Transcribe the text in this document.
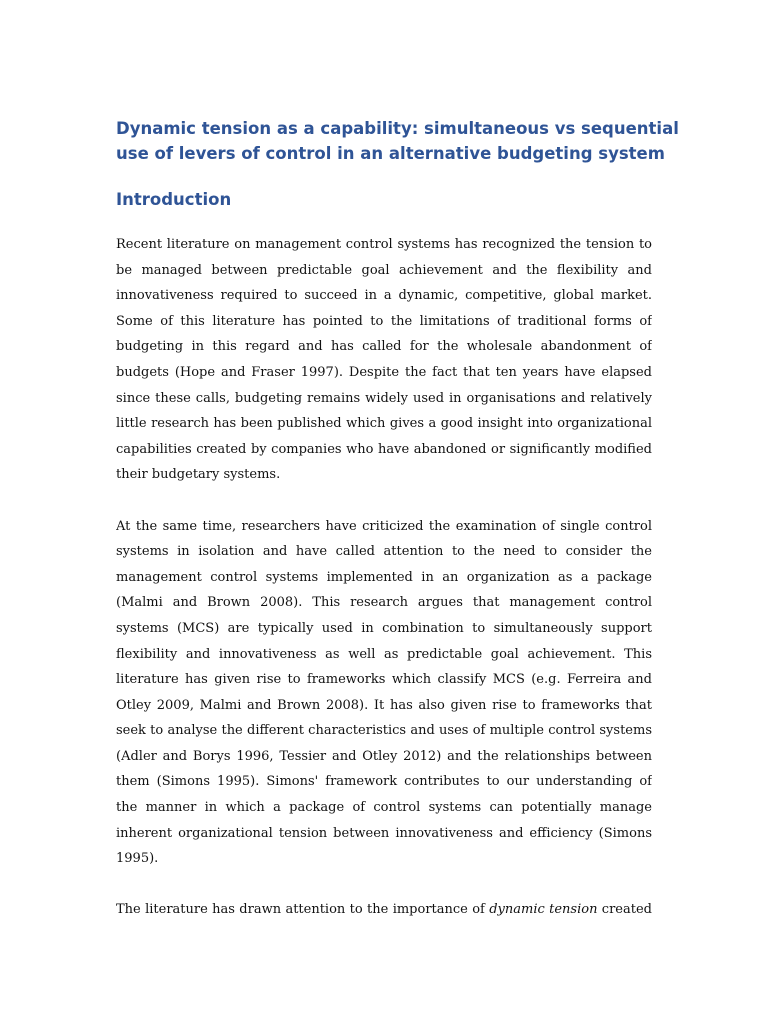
Dynamic tension as a capability: simultaneous vs sequential
use of levers of control in an alternative budgeting system
Introduction
Recent literature on management control systems has recognized the tension to
be managed between predictable goal achievement and the flexibility and
innovativeness required to succeed in a dynamic, competitive, global market.
Some of this literature has pointed to the limitations of traditional forms of
budgeting in this regard and has called for the wholesale abandonment of
budgets (Hope and Fraser 1997). Despite the fact that ten years have elapsed
since these calls, budgeting remains widely used in organisations and relatively
little research has been published which gives a good insight into organizational
capabilities created by companies who have abandoned or significantly modified
their budgetary systems.
At the same time, researchers have criticized the examination of single control
systems in isolation and have called attention to the need to consider the
management control systems implemented in an organization as a package
(Malmi and Brown 2008). This research argues that management control
systems (MCS) are typically used in combination to simultaneously support
flexibility and innovativeness as well as predictable goal achievement. This
literature has given rise to frameworks which classify MCS (e.g. Ferreira and
Otley 2009, Malmi and Brown 2008). It has also given rise to frameworks that
seek to analyse the different characteristics and uses of multiple control systems
(Adler and Borys 1996, Tessier and Otley 2012) and the relationships between
them (Simons 1995). Simons' framework contributes to our understanding of
the manner in which a package of control systems can potentially manage
inherent organizational tension between innovativeness and efficiency (Simons
1995).
The literature has drawn attention to the importance of dynamic tension created
